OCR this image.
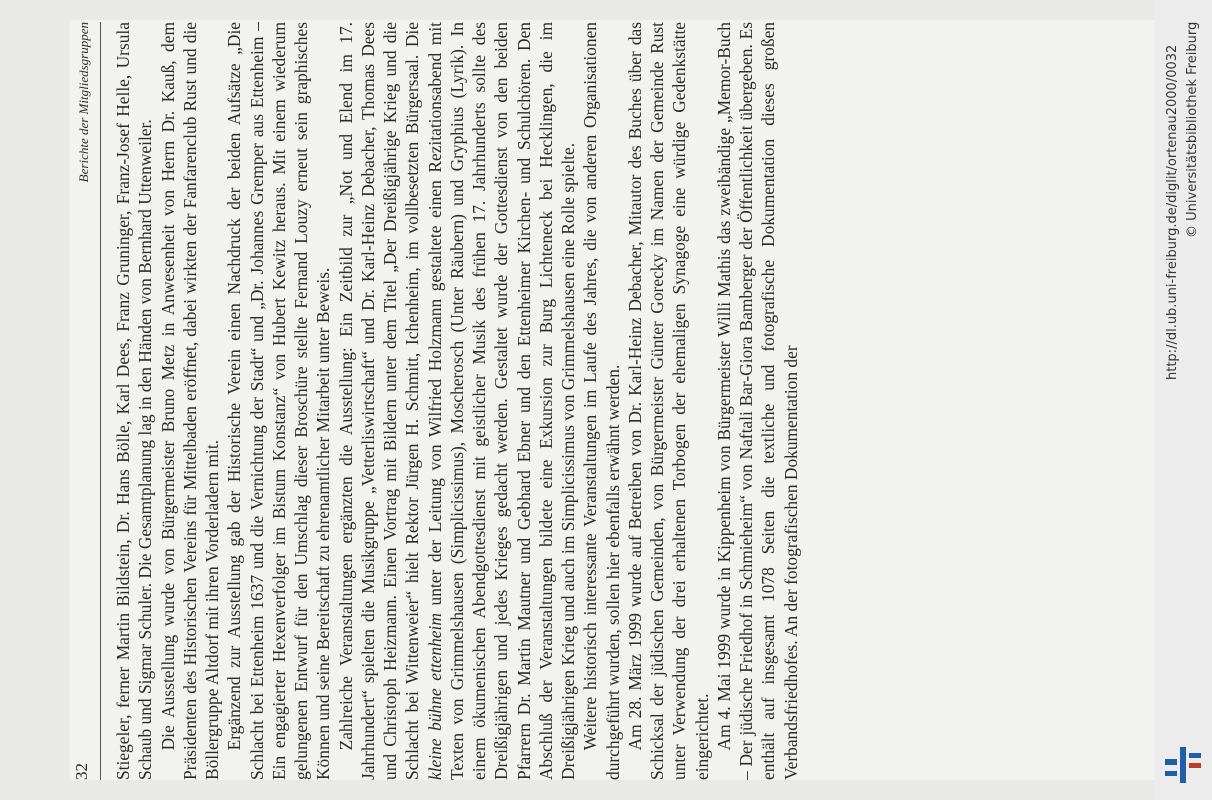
32
Berichte der Mitgliedsgruppen Stiegeler, ferner Martin Bildstein, Dr. Hans Bölle, Karl Dees, Franz Gruninger, Franz-Josef Helle, Ursula Schaub und Sigmar Schuler. Die Gesamtplanung lag in den Händen von Bernhard Uttenweiler. Die Ausstellung wurde von Bürgermeister Bruno Metz in Anwesenheit von Herrn Dr. Kauß, dem Präsidenten des Historischen Vereins für Mittelbaden eröffnet, dabei wirkten der Fanfarenclub Rust und die Böllergruppe Altdorf mit ihren Vorderladern mit. Ergänzend zur Ausstellung gab der Historische Verein einen Nachdruck der beiden Aufsätze „Die Schlacht bei Ettenheim 1637 und die Vernichtung der Stadt“ und „Dr. Johannes Gremper aus Ettenheim – Ein engagierter Hexenverfolger im Bistum Konstanz“ von Hubert Kewitz heraus. Mit einem wiederum gelungenen Entwurf für den Umschlag dieser Broschüre stellte Fernand Louzy erneut sein graphisches Können und seine Bereitschaft zu ehrenamtlicher Mitarbeit unter Beweis. Zahlreiche Veranstaltungen ergänzten die Ausstellung: Ein Zeitbild zur „Not und Elend im 17. Jahrhundert“ spielten die Musikgruppe „Vetterliswirtschaft“ und Dr. Karl-Heinz Debacher, Thomas Dees und Christoph Heizmann. Einen Vortrag mit Bildern unter dem Titel „Der Dreißigjährige Krieg und die Schlacht bei Wittenweier“ hielt Rektor Jürgen H. Schmitt, Ichenheim, im vollbesetzten Bürgersaal. Die kleine bühne ettenheim unter der Leitung von Wilfried Holzmann gestaltete einen Rezitationsabend mit Texten von Grimmelshausen (Simplicissimus), Moscherosch (Unter Räubern) und Gryphius (Lyrik). In einem ökumenischen Abendgottesdienst mit geistlicher Musik des frühen 17. Jahrhunderts sollte des Dreißigjährigen und jedes Krieges gedacht werden. Gestaltet wurde der Gottesdienst von den beiden Pfarrern Dr. Martin Mautner und Gebhard Ebner und den Ettenheimer Kirchen- und Schulchören. Den Abschluß der Veranstaltungen bildete eine Exkursion zur Burg Lichteneck bei Hecklingen, die im Dreißigjährigen Krieg und auch im Simplicissimus von Grimmelshausen eine Rolle spielte. Weitere historisch interessante Veranstaltungen im Laufe des Jahres, die von anderen Organisationen durchgeführt wurden, sollen hier ebenfalls erwähnt werden. Am 28. März 1999 wurde auf Betreiben von Dr. Karl-Heinz Debacher, Mitautor des Buches über das Schicksal der jüdischen Gemeinden, von Bürgermeister Günter Gorecky im Namen der Gemeinde Rust unter Verwendung der drei erhaltenen Torbogen der ehemaligen Synagoge eine würdige Gedenkstätte eingerichtet. Am 4. Mai 1999 wurde in Kippenheim von Bürgermeister Willi Mathis das zweibändige „Memor-Buch – Der jüdische Friedhof in Schmieheim“ von Naftali Bar-Giora Bamberger der Öffentlichkeit übergeben. Es enthält auf insgesamt 1078 Seiten die textliche und fotografische Dokumentation dieses großen Verbandsfriedhofes. An der fotografischen Dokumentation der

http://dl.ub.uni-freiburg.de/diglit/ortenau2000/0032 © Universitätsbibliothek Freiburg
